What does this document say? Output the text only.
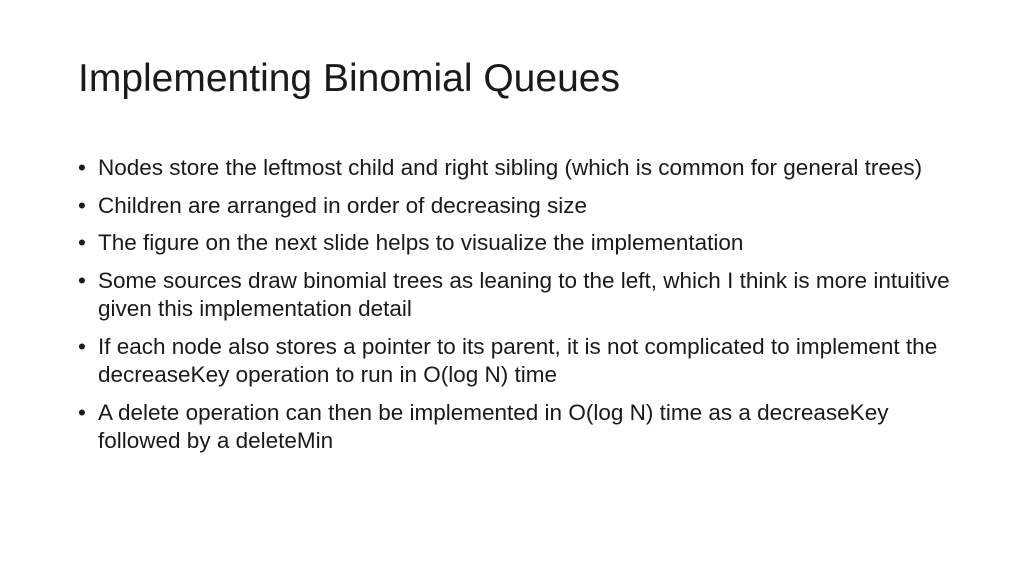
Implementing Binomial Queues
• Nodes store the leftmost child and right sibling (which is common for general trees)
• Children are arranged in order of decreasing size
• The figure on the next slide helps to visualize the implementation
• Some sources draw binomial trees as leaning to the left, which I think is more intuitive given this implementation detail
• If each node also stores a pointer to its parent, it is not complicated to implement the decreaseKey operation to run in O(log N) time
• A delete operation can then be implemented in O(log N) time as a decreaseKey followed by a deleteMin
